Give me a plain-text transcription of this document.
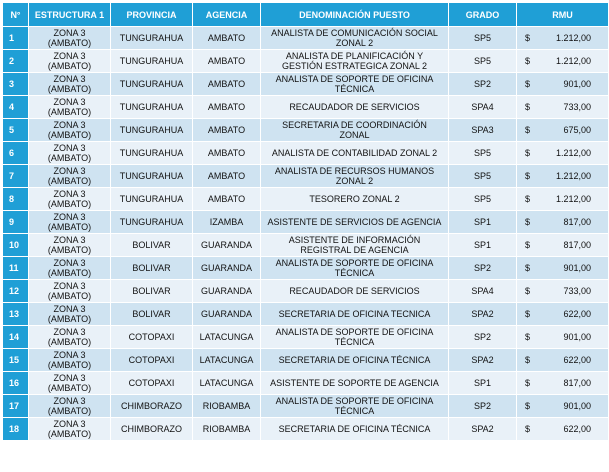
N°	ESTRUCTURA 1	PROVINCIA	AGENCIA	DENOMINACIÓN PUESTO	GRADO	RMU
1	ZONA 3
(AMBATO)	TUNGURAHUA	AMBATO	ANALISTA DE COMUNICACIÓN SOCIAL
ZONAL 2	SP5	$ 1.212,00
2	ZONA 3
(AMBATO)	TUNGURAHUA	AMBATO	ANALISTA DE PLANIFICACIÓN Y
GESTIÓN ESTRATEGICA ZONAL 2	SP5	$ 1.212,00
3	ZONA 3
(AMBATO)	TUNGURAHUA	AMBATO	ANALISTA DE SOPORTE DE OFICINA
TÉCNICA	SP2	$ 901,00
4	ZONA 3
(AMBATO)	TUNGURAHUA	AMBATO	RECAUDADOR DE SERVICIOS	SPA4	$ 733,00
5	ZONA 3
(AMBATO)	TUNGURAHUA	AMBATO	SECRETARIA DE COORDINACIÓN
ZONAL	SPA3	$ 675,00
6	ZONA 3
(AMBATO)	TUNGURAHUA	AMBATO	ANALISTA DE CONTABILIDAD ZONAL 2	SP5	$ 1.212,00
7	ZONA 3
(AMBATO)	TUNGURAHUA	AMBATO	ANALISTA DE RECURSOS HUMANOS
ZONAL 2	SP5	$ 1.212,00
8	ZONA 3
(AMBATO)	TUNGURAHUA	AMBATO	TESORERO ZONAL 2	SP5	$ 1.212,00
9	ZONA 3
(AMBATO)	TUNGURAHUA	IZAMBA	ASISTENTE DE SERVICIOS DE AGENCIA	SP1	$ 817,00
10	ZONA 3
(AMBATO)	BOLIVAR	GUARANDA	ASISTENTE DE INFORMACIÓN
REGISTRAL DE AGENCIA	SP1	$ 817,00
11	ZONA 3
(AMBATO)	BOLIVAR	GUARANDA	ANALISTA DE SOPORTE DE OFICINA
TÉCNICA	SP2	$ 901,00
12	ZONA 3
(AMBATO)	BOLIVAR	GUARANDA	RECAUDADOR DE SERVICIOS	SPA4	$ 733,00
13	ZONA 3
(AMBATO)	BOLIVAR	GUARANDA	SECRETARIA DE OFICINA TECNICA	SPA2	$ 622,00
14	ZONA 3
(AMBATO)	COTOPAXI	LATACUNGA	ANALISTA DE SOPORTE DE OFICINA
TÉCNICA	SP2	$ 901,00
15	ZONA 3
(AMBATO)	COTOPAXI	LATACUNGA	SECRETARIA DE OFICINA TÉCNICA	SPA2	$ 622,00
16	ZONA 3
(AMBATO)	COTOPAXI	LATACUNGA	ASISTENTE DE SOPORTE DE AGENCIA	SP1	$ 817,00
17	ZONA 3
(AMBATO)	CHIMBORAZO	RIOBAMBA	ANALISTA DE SOPORTE DE OFICINA
TÉCNICA	SP2	$ 901,00
18	ZONA 3
(AMBATO)	CHIMBORAZO	RIOBAMBA	SECRETARIA DE OFICINA TÉCNICA	SPA2	$ 622,00
